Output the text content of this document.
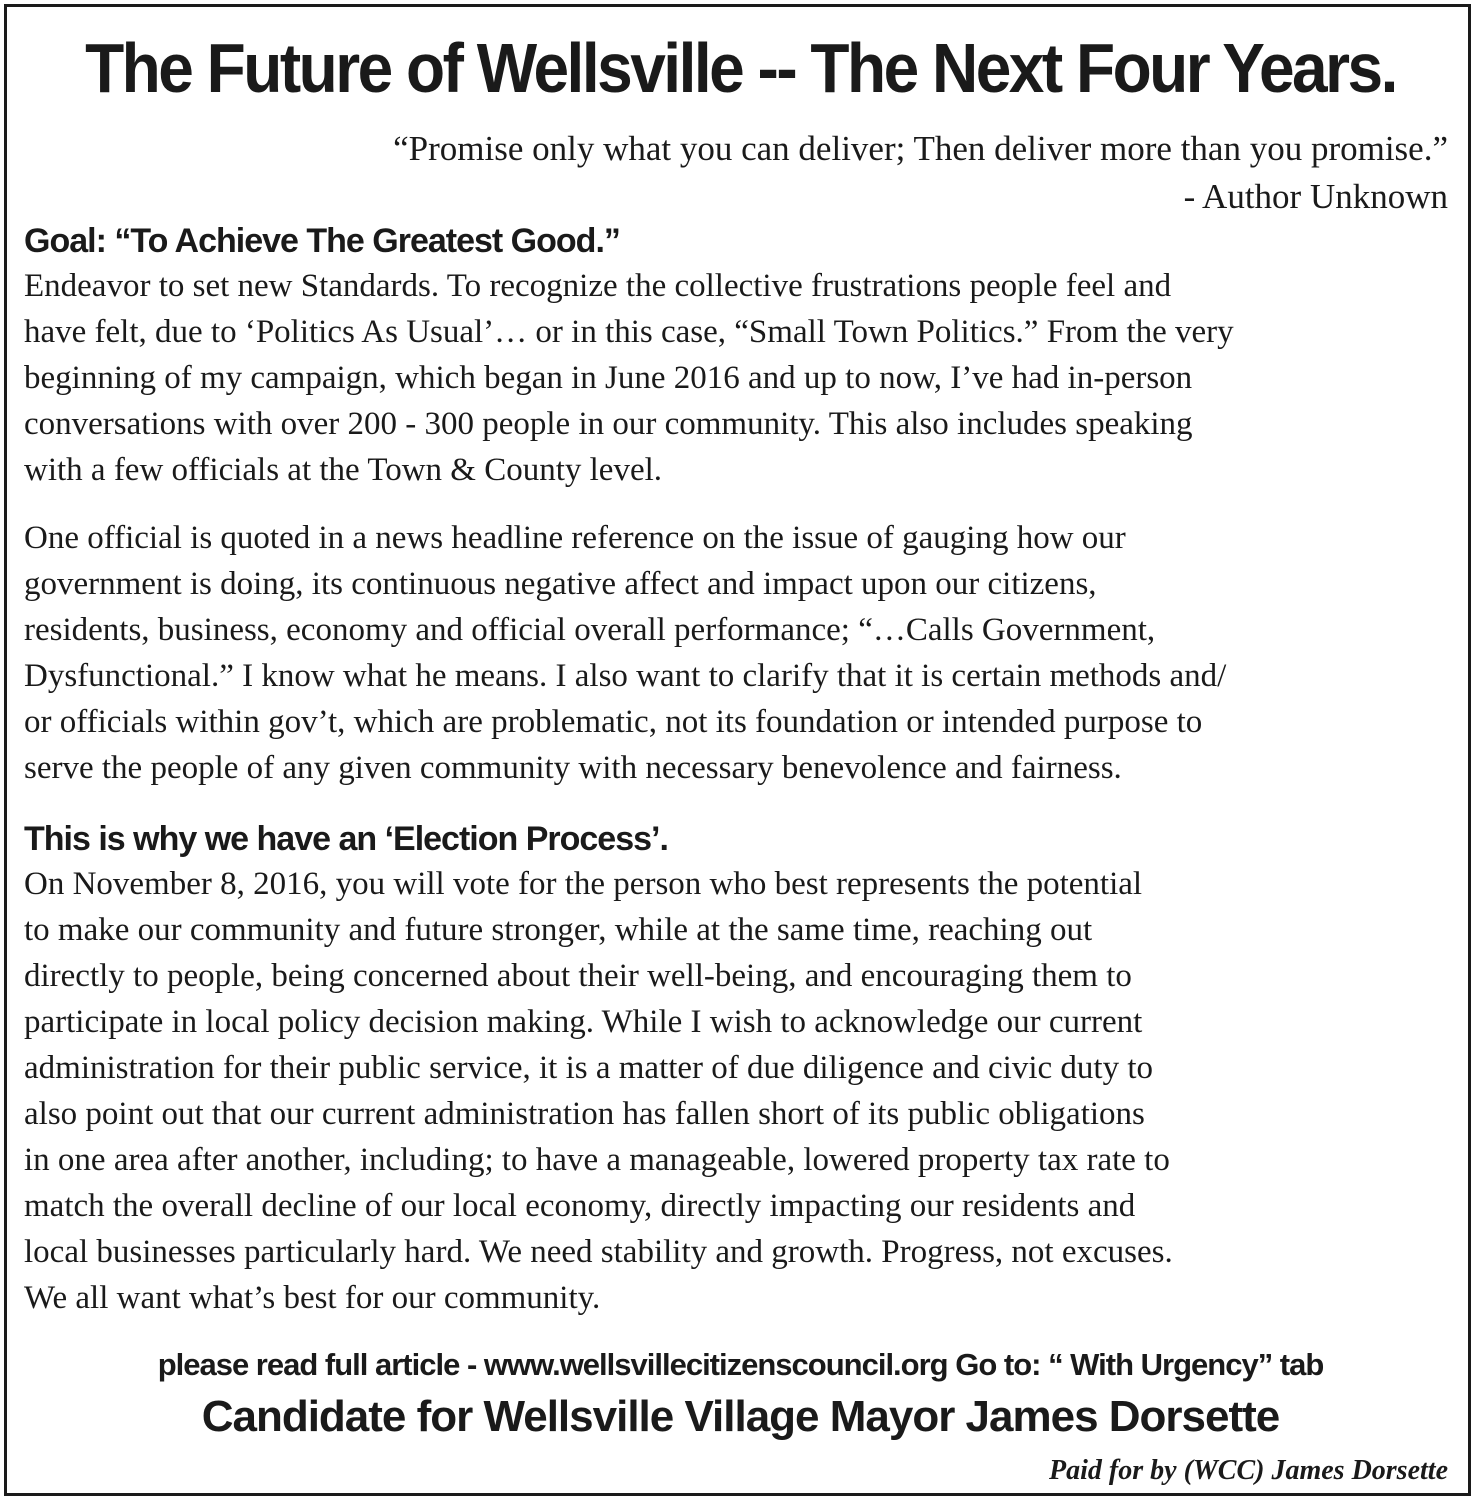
The Future of Wellsville -- The Next Four Years.
“Promise only what you can deliver; Then deliver more than you promise.”
- Author Unknown
Goal: “To Achieve The Greatest Good.”
Endeavor to set new Standards. To recognize the collective frustrations people feel and
have felt, due to ‘Politics As Usual’… or in this case, “Small Town Politics.” From the very
beginning of my campaign, which began in June 2016 and up to now, I’ve had in-person
conversations with over 200 - 300 people in our community. This also includes speaking
with a few officials at the Town & County level.
One official is quoted in a news headline reference on the issue of gauging how our
government is doing, its continuous negative affect and impact upon our citizens,
residents, business, economy and official overall performance; “…Calls Government,
Dysfunctional.” I know what he means. I also want to clarify that it is certain methods and/
or officials within gov’t, which are problematic, not its foundation or intended purpose to
serve the people of any given community with necessary benevolence and fairness.
This is why we have an ‘Election Process’.
On November 8, 2016, you will vote for the person who best represents the potential
to make our community and future stronger, while at the same time, reaching out
directly to people, being concerned about their well-being, and encouraging them to
participate in local policy decision making. While I wish to acknowledge our current
administration for their public service, it is a matter of due diligence and civic duty to
also point out that our current administration has fallen short of its public obligations
in one area after another, including; to have a manageable, lowered property tax rate to
match the overall decline of our local economy, directly impacting our residents and
local businesses particularly hard. We need stability and growth. Progress, not excuses.
We all want what’s best for our community.
please read full article - www.wellsvillecitizenscouncil.org Go to: “ With Urgency” tab
Candidate for Wellsville Village Mayor James Dorsette
Paid for by (WCC) James Dorsette
